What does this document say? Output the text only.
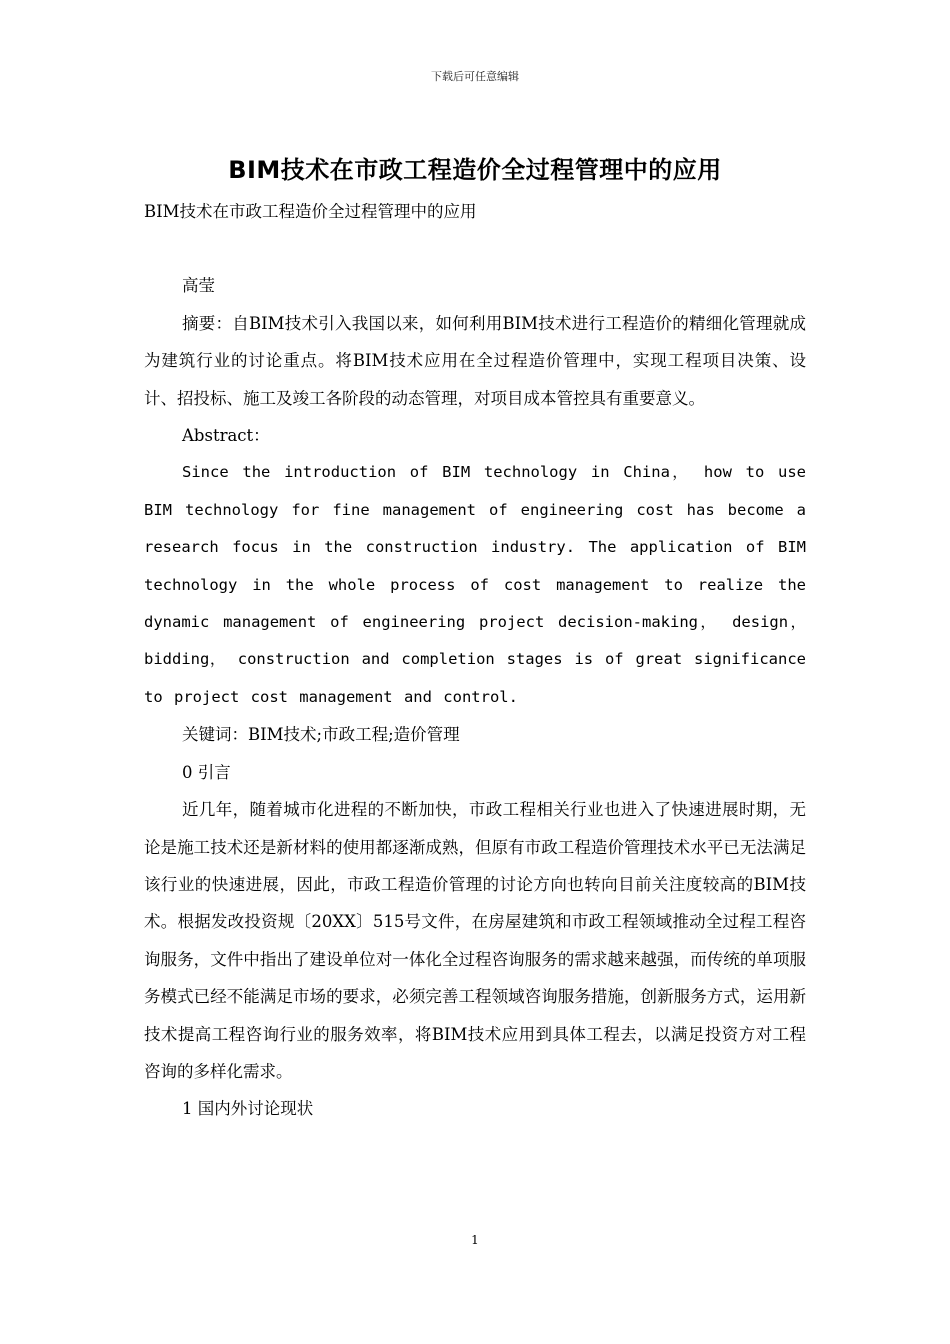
下载后可任意编辑
BIM技术在市政工程造价全过程管理中的应用

BIM技术在市政工程造价全过程管理中的应用

高莹

摘要：自BIM技术引入我国以来，如何利用BIM技术进行工程造价的精细化管理就成为建筑行业的讨论重点。将BIM技术应用在全过程造价管理中，实现工程项目决策、设计、招投标、施工及竣工各阶段的动态管理，对项目成本管控具有重要意义。

Abstract：

Since the introduction of BIM technology in China， how to use BIM technology for fine management of engineering cost has become a research focus in the construction industry. The application of BIM technology in the whole process of cost management to realize the dynamic management of engineering project decision-making， design， bidding， construction and completion stages is of great significance to project cost management and control.

关键词：BIM技术;市政工程;造价管理

0 引言

近几年，随着城市化进程的不断加快，市政工程相关行业也进入了快速进展时期，无论是施工技术还是新材料的使用都逐渐成熟，但原有市政工程造价管理技术水平已无法满足该行业的快速进展，因此，市政工程造价管理的讨论方向也转向目前关注度较高的BIM技术。根据发改投资规〔20XX〕515号文件，在房屋建筑和市政工程领域推动全过程工程咨询服务，文件中指出了建设单位对一体化全过程咨询服务的需求越来越强，而传统的单项服务模式已经不能满足市场的要求，必须完善工程领域咨询服务措施，创新服务方式，运用新技术提高工程咨询行业的服务效率，将BIM技术应用到具体工程去，以满足投资方对工程咨询的多样化需求。

1 国内外讨论现状

1
